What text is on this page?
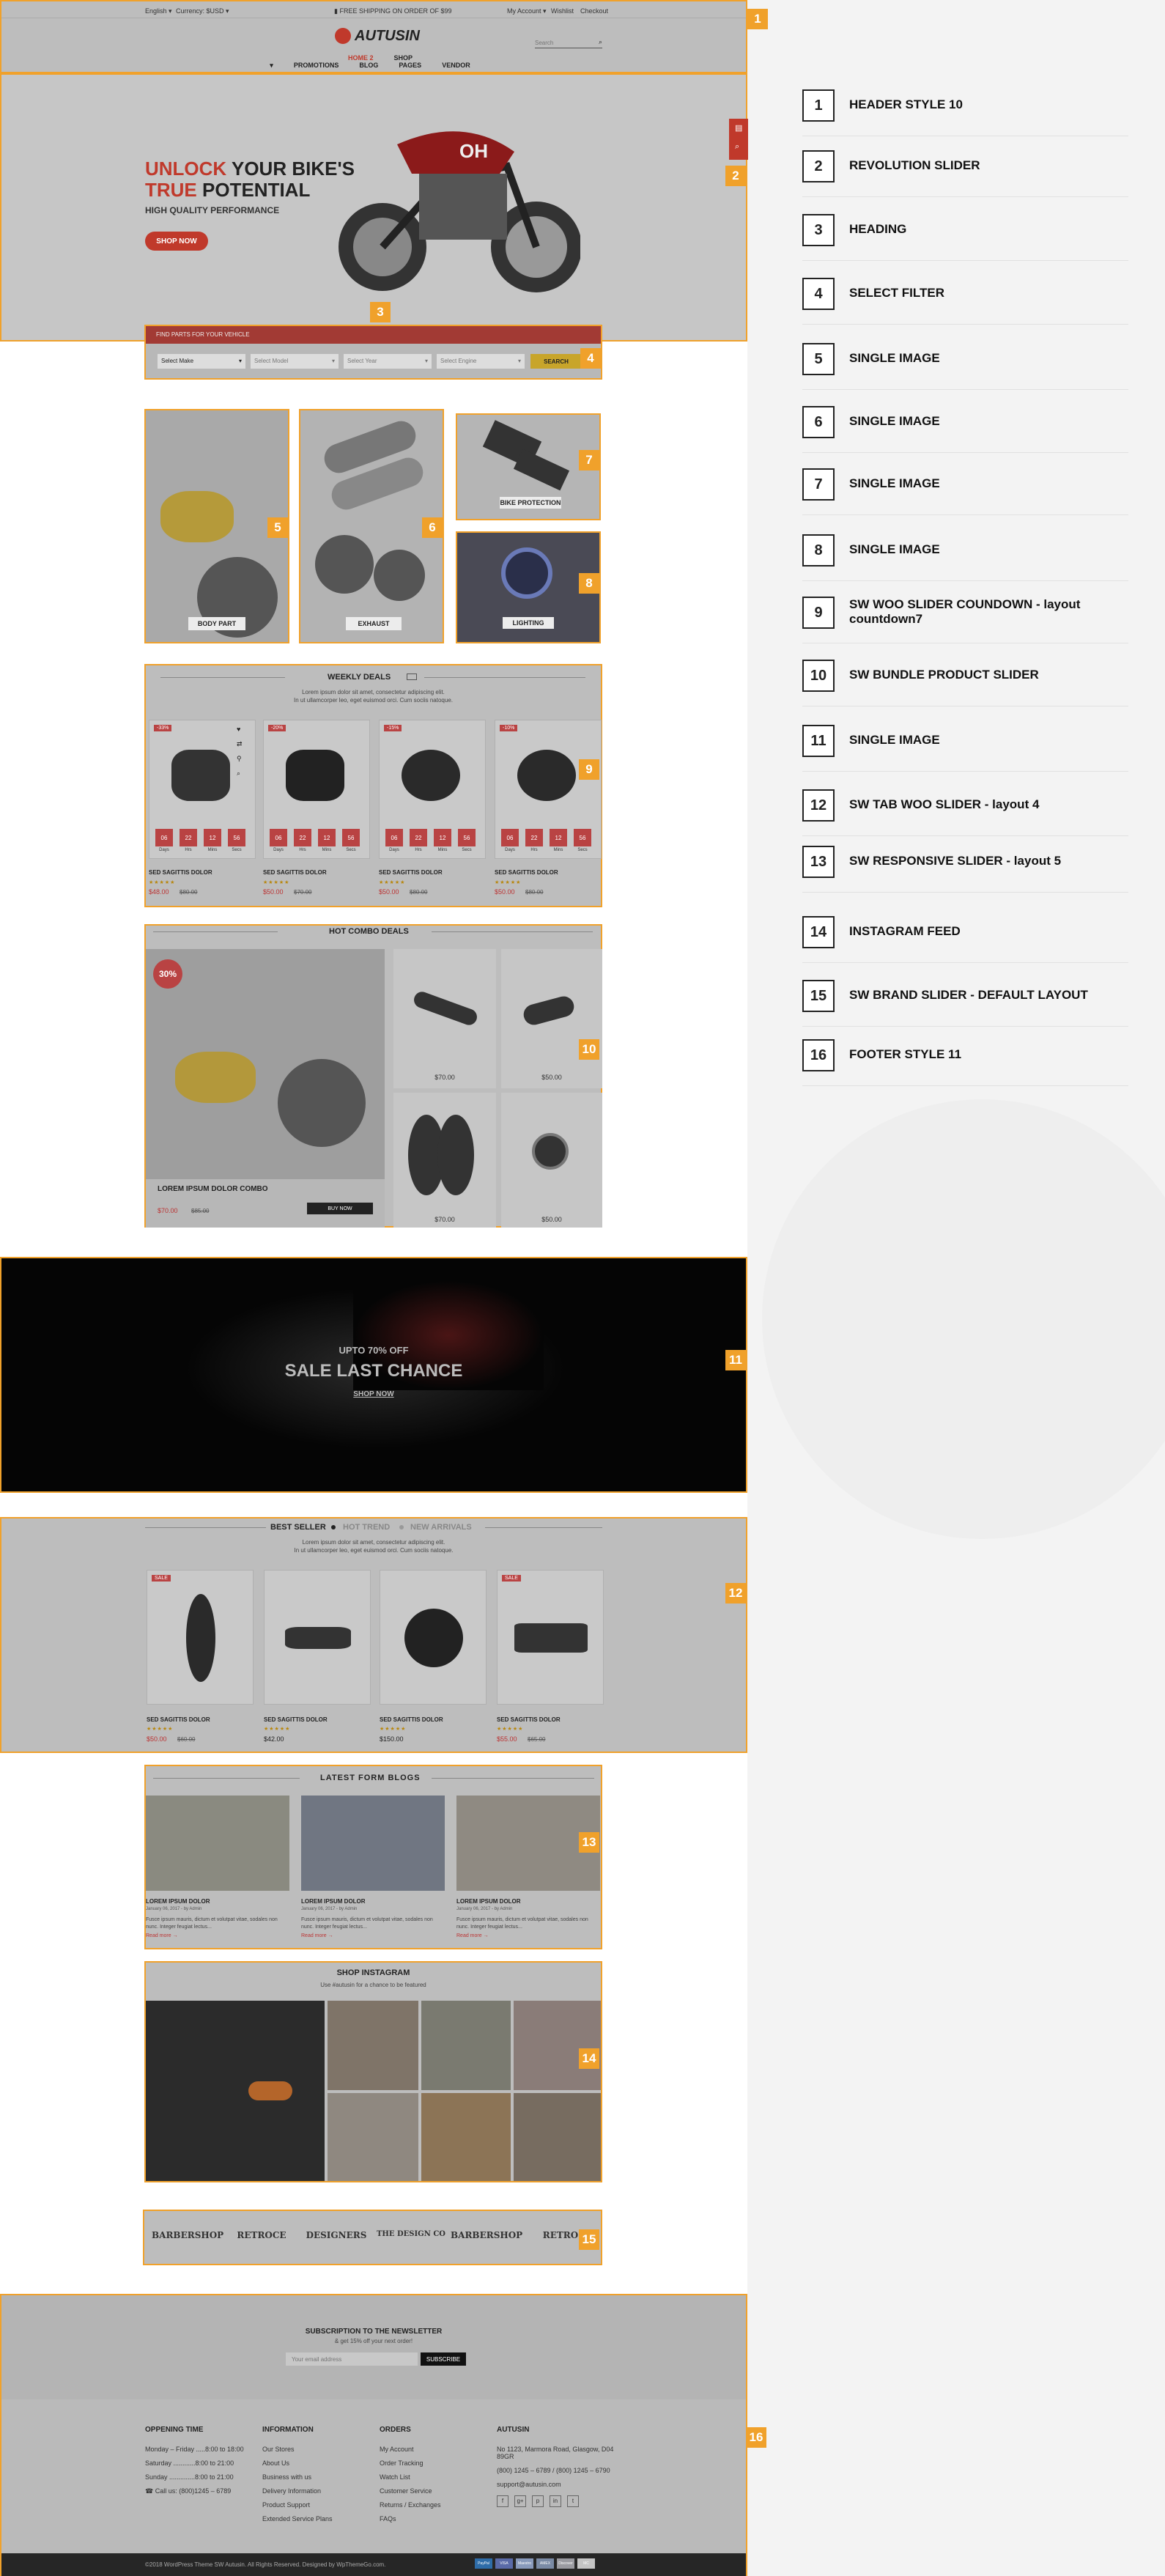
English ▾ Currency: $USD ▾	▮ FREE SHIPPING ON ORDER OF $99	My Account ▾ Wishlist Checkout
AUTUSIN
Search	⌕
HOME 2	SHOP ▾	PROMOTIONS	BLOG	PAGES	VENDOR
1
UNLOCK YOUR BIKE'S
TRUE POTENTIAL
HIGH QUALITY PERFORMANCE
SHOP NOW
OH
▤
⌕
2
3
FIND PARTS FOR YOUR VEHICLE
Select Make	▾	Select Model	▾	Select Year	▾	Select Engine	▾	SEARCH	4
BODY PART
5
EXHAUST
6
BIKE PROTECTION
7
LIGHTING
8
WEEKLY DEALS
Lorem ipsum dolor sit amet, consectetur adipiscing elit.
In ut ullamcorper leo, eget euismod orci. Cum sociis natoque.
-33%
06
Days
22
Hrs
12
Mins
56
Secs
SED SAGITTIS DOLOR
★★★★★
$48.00 $80.00
-20%
06
Days
22
Hrs
12
Mins
56
Secs
SED SAGITTIS DOLOR
★★★★★
$50.00 $70.00
-15%
06
Days
22
Hrs
12
Mins
56
Secs
SED SAGITTIS DOLOR
★★★★★
$50.00 $80.00
-10%
06
Days
22
Hrs
12
Mins
56
Secs
SED SAGITTIS DOLOR
★★★★★
$50.00 $80.00
♥
⇄
⚲
⌕	9
HOT COMBO DEALS
30%
LOREM IPSUM DOLOR COMBO
$70.00 $85.00	BUY NOW
$70.00	$50.00
$70.00	$50.00
10
UPTO 70% OFF
SALE LAST CHANCE
SHOP NOW
11
BEST SELLER HOT TREND	NEW ARRIVALS
Lorem ipsum dolor sit amet, consectetur adipiscing elit.
In ut ullamcorper leo, eget euismod orci. Cum sociis natoque.
SALE
SED SAGITTIS DOLOR
★★★★★
$50.00 $60.00
SED SAGITTIS DOLOR
★★★★★
$42.00
SED SAGITTIS DOLOR
★★★★★
$150.00
SALE
SED SAGITTIS DOLOR
★★★★★
$55.00 $65.00
12
LATEST FORM BLOGS
LOREM IPSUM DOLOR
January 06, 2017 - by Admin
Fusce ipsum mauris, dictum et volutpat vitae, sodales non nunc. Integer feugiat lectus...
Read more →
LOREM IPSUM DOLOR
January 06, 2017 - by Admin
Fusce ipsum mauris, dictum et volutpat vitae, sodales non nunc. Integer feugiat lectus...
Read more →
LOREM IPSUM DOLOR
January 06, 2017 - by Admin
Fusce ipsum mauris, dictum et volutpat vitae, sodales non nunc. Integer feugiat lectus...
Read more →
13
SHOP INSTAGRAM
Use #autusin for a chance to be featured
14
BARBERSHOP	RETROCE	DESIGNERS	THE DESIGN CO BARBERSHOP	RETRO 15
SUBSCRIPTION TO THE NEWSLETTER
& get 15% off your next order!
Your email address
SUBSCRIBE
OPPENING TIME
Monday – Friday .....8:00 to 18:00
Saturday ............8:00 to 21:00
Sunday ..............8:00 to 21:00
☎ Call us: (800)1245 – 6789
INFORMATION
Our Stores
About Us
Business with us
Delivery Information
Product Support
Extended Service Plans
ORDERS
My Account
Order Tracking
Watch List
Customer Service
Returns / Exchanges
FAQs
AUTUSIN
No 1123, Marmora Road, Glasgow, D04 89GR
(800) 1245 – 6789 / (800) 1245 – 6790
support@autusin.com
f g+ p in t
©2018 WordPress Theme SW Autusin. All Rights Reserved. Designed by WpThemeGo.com.	PayPal	VISA	Maestro AMEX Discover	MC
16
1	HEADER STYLE 10
2	REVOLUTION SLIDER
3	HEADING
4	SELECT FILTER
5	SINGLE IMAGE
6	SINGLE IMAGE
7	SINGLE IMAGE
8	SINGLE IMAGE
9	SW WOO SLIDER COUNDOWN - layout countdown7
10	SW BUNDLE PRODUCT SLIDER
11	SINGLE IMAGE
12	SW TAB WOO SLIDER - layout 4
13	SW RESPONSIVE SLIDER - layout 5
14	INSTAGRAM FEED
15	SW BRAND SLIDER - DEFAULT LAYOUT
16	FOOTER STYLE 11
